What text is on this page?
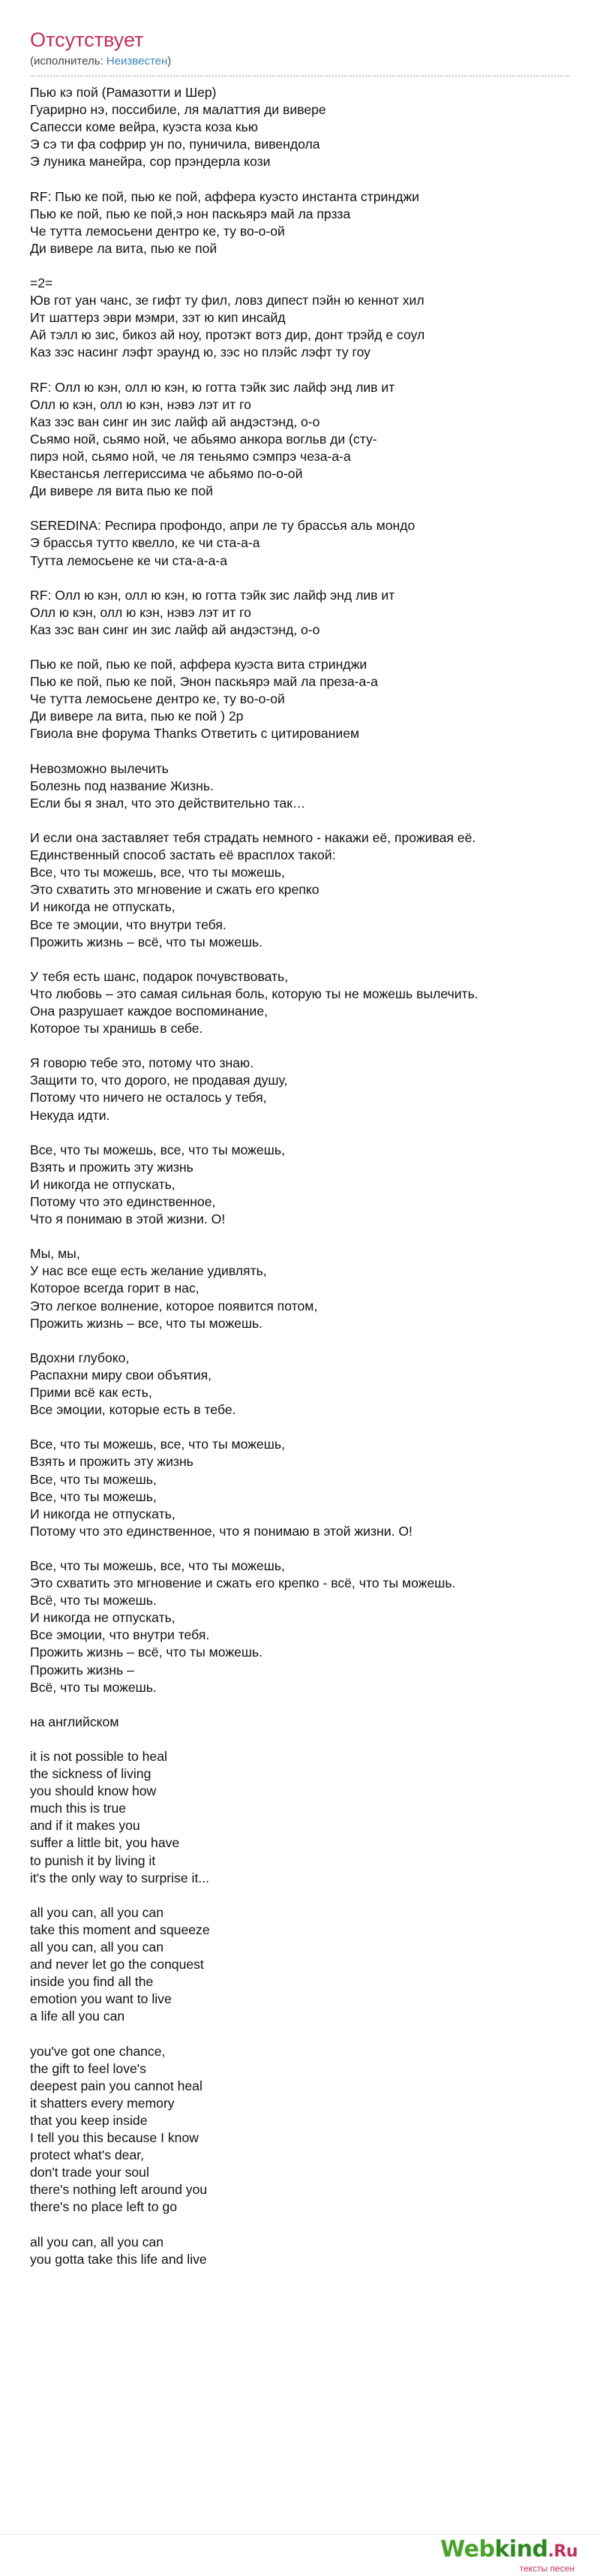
Отсутствует
(исполнитель: Неизвестен)
Пью кэ пой (Рамазотти и Шер)
Гуарирно нэ, поссибиле, ля малаттия ди вивере
Сапесси коме вейра, куэста коза кью
Э сэ ти фа софрир ун по, пуничила, вивендола
Э луника манейра, сор прэндерла кози
RF: Пью ке пой, пью ке пой, аффера куэсто инстанта стринджи
Пью ке пой, пью ке пой,э нон паскьярэ май ла прзза
Че тутта лемосьени дентро ке, ту во-о-ой
Ди вивере ла вита, пью ке пой
=2=
Юв гот уан чанс, зе гифт ту фил, ловз дипест пэйн ю кеннот хил
Ит шаттерз эври мэмри, зэт ю кип инсайд
Ай тэлл ю зис, бикоз ай ноу, протэкт вотз дир, донт трэйд е соул
Каз зэс насинг лэфт эраунд ю, зэс но плэйс лэфт ту гоу
RF: Олл ю кэн, олл ю кэн, ю готта тэйк зис лайф энд лив ит
Олл ю кэн, олл ю кэн, нэвэ лэт ит го
Каз зэс ван синг ин зис лайф ай андэстэнд, о-о
Сьямо ной, сьямо ной, че абьямо анкора вогльв ди (сту-
пирэ ной, сьямо ной, че ля теньямо сэмпрэ чеза-а-а
Квестансья леггериссима че абьямо по-о-ой
Ди вивере ля вита пью ке пой
SEREDINA: Респира профондо, апри ле ту брассья аль мондо
Э брассья тутто квелло, ке чи ста-а-а
Тутта лемосьене ке чи ста-а-а-а
RF: Олл ю кэн, олл ю кэн, ю готта тэйк зис лайф энд лив ит
Олл ю кэн, олл ю кэн, нэвэ лэт ит го
Каз зэс ван синг ин зис лайф ай андэстэнд, о-о
Пью ке пой, пью ке пой, аффера куэста вита стринджи
Пью ке пой, пью ке пой, Энон паскьярэ май ла преза-а-а
Че тутта лемосьене дентро ке, ту во-о-ой
Ди вивере ла вита, пью ке пой ) 2р
Гвиола вне форума Thanks Ответить с цитированием
Невозможно вылечить
Болезнь под название Жизнь.
Если бы я знал, что это действительно так…
И если она заставляет тебя страдать немного - накажи её, проживая её.
Единственный способ застать её врасплох такой:
Все, что ты можешь, все, что ты можешь,
Это схватить это мгновение и сжать его крепко
И никогда не отпускать,
Все те эмоции, что внутри тебя.
Прожить жизнь – всё, что ты можешь.
У тебя есть шанс, подарок почувствовать,
Что любовь – это самая сильная боль, которую ты не можешь вылечить.
Она разрушает каждое воспоминание,
Которое ты хранишь в себе.
Я говорю тебе это, потому что знаю.
Защити то, что дорого, не продавая душу,
Потому что ничего не осталось у тебя,
Некуда идти.
Все, что ты можешь, все, что ты можешь,
Взять и прожить эту жизнь
И никогда не отпускать,
Потому что это единственное,
Что я понимаю в этой жизни. О!
Мы, мы,
У нас все еще есть желание удивлять,
Которое всегда горит в нас,
Это легкое волнение, которое появится потом,
Прожить жизнь – все, что ты можешь.
Вдохни глубоко,
Распахни миру свои объятия,
Прими всё как есть,
Все эмоции, которые есть в тебе.
Все, что ты можешь, все, что ты можешь,
Взять и прожить эту жизнь
Все, что ты можешь,
Все, что ты можешь,
И никогда не отпускать,
Потому что это единственное, что я понимаю в этой жизни. О!
Все, что ты можешь, все, что ты можешь,
Это схватить это мгновение и сжать его крепко - всё, что ты можешь.
Всё, что ты можешь.
И никогда не отпускать,
Все эмоции, что внутри тебя.
Прожить жизнь – всё, что ты можешь.
Прожить жизнь –
Всё, что ты можешь.
на английском
it is not possible to heal
the sickness of living
you should know how
much this is true
and if it makes you
suffer a little bit, you have
to punish it by living it
it's the only way to surprise it...
all you can, all you can
take this moment and squeeze
all you can, all you can
and never let go the conquest
inside you find all the
emotion you want to live
a life all you can
you've got one chance,
the gift to feel love's
deepest pain you cannot heal
it shatters every memory
that you keep inside
I tell you this because I know
protect what's dear,
don't trade your soul
there's nothing left around you
there's no place left to go
all you can, all you can
you gotta take this life and live
Webkind.Ru
тексты песен
